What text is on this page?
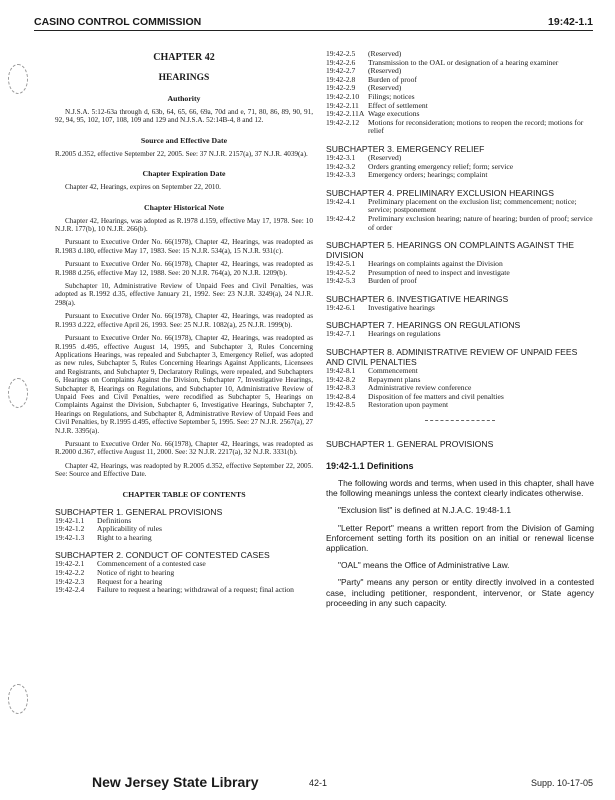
CASINO CONTROL COMMISSION	19:42-1.1
CHAPTER 42
HEARINGS
Authority
N.J.S.A. 5:12-63a through d, 63b, 64, 65, 66, 69a, 70d and e, 71, 80, 86, 89, 90, 91, 92, 94, 95, 102, 107, 108, 109 and 129 and N.J.S.A. 52:14B-4, 8 and 12.
Source and Effective Date
R.2005 d.352, effective September 22, 2005. See: 37 N.J.R. 2157(a), 37 N.J.R. 4039(a).
Chapter Expiration Date
Chapter 42, Hearings, expires on September 22, 2010.
Chapter Historical Note
Chapter 42, Hearings, was adopted as R.1978 d.159, effective May 17, 1978. See: 10 N.J.R. 177(b), 10 N.J.R. 266(b).
Pursuant to Executive Order No. 66(1978), Chapter 42, Hearings, was readopted as R.1983 d.180, effective May 17, 1983. See: 15 N.J.R. 534(a), 15 N.J.R. 931(c).
Pursuant to Executive Order No. 66(1978), Chapter 42, Hearings, was readopted as R.1988 d.256, effective May 12, 1988. See: 20 N.J.R. 764(a), 20 N.J.R. 1209(b).
Subchapter 10, Administrative Review of Unpaid Fees and Civil Penalties, was adopted as R.1992 d.35, effective January 21, 1992. See: 23 N.J.R. 3249(a), 24 N.J.R. 298(a).
Pursuant to Executive Order No. 66(1978), Chapter 42, Hearings, was readopted as R.1993 d.222, effective April 26, 1993. See: 25 N.J.R. 1082(a), 25 N.J.R. 1999(b).
Pursuant to Executive Order No. 66(1978), Chapter 42, Hearings, was readopted as R.1995 d.495, effective August 14, 1995, and Subchapter 3, Rules Concerning Applications Hearings, was repealed and Subchapter 3, Emergency Relief, was adopted as new rules, Subchapter 5, Rules Concerning Hearings Against Applicants, Licensees and Registrants, and Subchapter 9, Declaratory Rulings, were repealed, and Subchapters 6, Hearings on Complaints Against the Division, Subchapter 7, Investigative Hearings, Subchapter 8, Hearings on Regulations, and Subchapter 10, Administrative Review of Unpaid Fees and Civil Penalties, were recodified as Subchapter 5, Hearings on Complaints Against the Division, Subchapter 6, Investigative Hearings, Subchapter 7, Hearings on Regulations, and Subchapter 8, Administrative Review of Unpaid Fees and Civil Penalties, by R.1995 d.495, effective September 5, 1995. See: 27 N.J.R. 2567(a), 27 N.J.R. 3395(a).
Pursuant to Executive Order No. 66(1978), Chapter 42, Hearings, was readopted as R.2000 d.367, effective August 11, 2000. See: 32 N.J.R. 2217(a), 32 N.J.R. 3331(b).
Chapter 42, Hearings, was readopted by R.2005 d.352, effective September 22, 2005. See: Source and Effective Date.
CHAPTER TABLE OF CONTENTS
SUBCHAPTER 1. GENERAL PROVISIONS
19:42-1.1	Definitions
19:42-1.2	Applicability of rules
19:42-1.3	Right to a hearing
SUBCHAPTER 2. CONDUCT OF CONTESTED CASES
19:42-2.1	Commencement of a contested case
19:42-2.2	Notice of right to hearing
19:42-2.3	Request for a hearing
19:42-2.4	Failure to request a hearing; withdrawal of a request; final action
19:42-2.5	(Reserved)
19:42-2.6	Transmission to the OAL or designation of a hearing examiner
19:42-2.7	(Reserved)
19:42-2.8	Burden of proof
19:42-2.9	(Reserved)
19:42-2.10	Filings; notices
19:42-2.11	Effect of settlement
19:42-2.11A Wage executions
19:42-2.12	Motions for reconsideration; motions to reopen the record; motions for relief
SUBCHAPTER 3. EMERGENCY RELIEF
19:42-3.1	(Reserved)
19:42-3.2	Orders granting emergency relief; form; service
19:42-3.3	Emergency orders; hearings; complaint
SUBCHAPTER 4. PRELIMINARY EXCLUSION HEARINGS
19:42-4.1	Preliminary placement on the exclusion list; commencement; notice; service; postponement
19:42-4.2	Preliminary exclusion hearing; nature of hearing; burden of proof; service of order
SUBCHAPTER 5. HEARINGS ON COMPLAINTS AGAINST THE DIVISION
19:42-5.1	Hearings on complaints against the Division
19:42-5.2	Presumption of need to inspect and investigate
19:42-5.3	Burden of proof
SUBCHAPTER 6. INVESTIGATIVE HEARINGS
19:42-6.1	Investigative hearings
SUBCHAPTER 7. HEARINGS ON REGULATIONS
19:42-7.1	Hearings on regulations
SUBCHAPTER 8. ADMINISTRATIVE REVIEW OF UNPAID FEES AND CIVIL PENALTIES
19:42-8.1	Commencement
19:42-8.2	Repayment plans
19:42-8.3	Administrative review conference
19:42-8.4	Disposition of fee matters and civil penalties
19:42-8.5	Restoration upon payment
SUBCHAPTER 1. GENERAL PROVISIONS
19:42-1.1 Definitions
The following words and terms, when used in this chapter, shall have the following meanings unless the context clearly indicates otherwise.
"Exclusion list" is defined at N.J.A.C. 19:48-1.1
"Letter Report" means a written report from the Division of Gaming Enforcement setting forth its position on an initial or renewal license application.
"OAL" means the Office of Administrative Law.
"Party" means any person or entity directly involved in a contested case, including petitioner, respondent, intervenor, or State agency proceeding in any such capacity.
New Jersey State Library	42-1	Supp. 10-17-05
